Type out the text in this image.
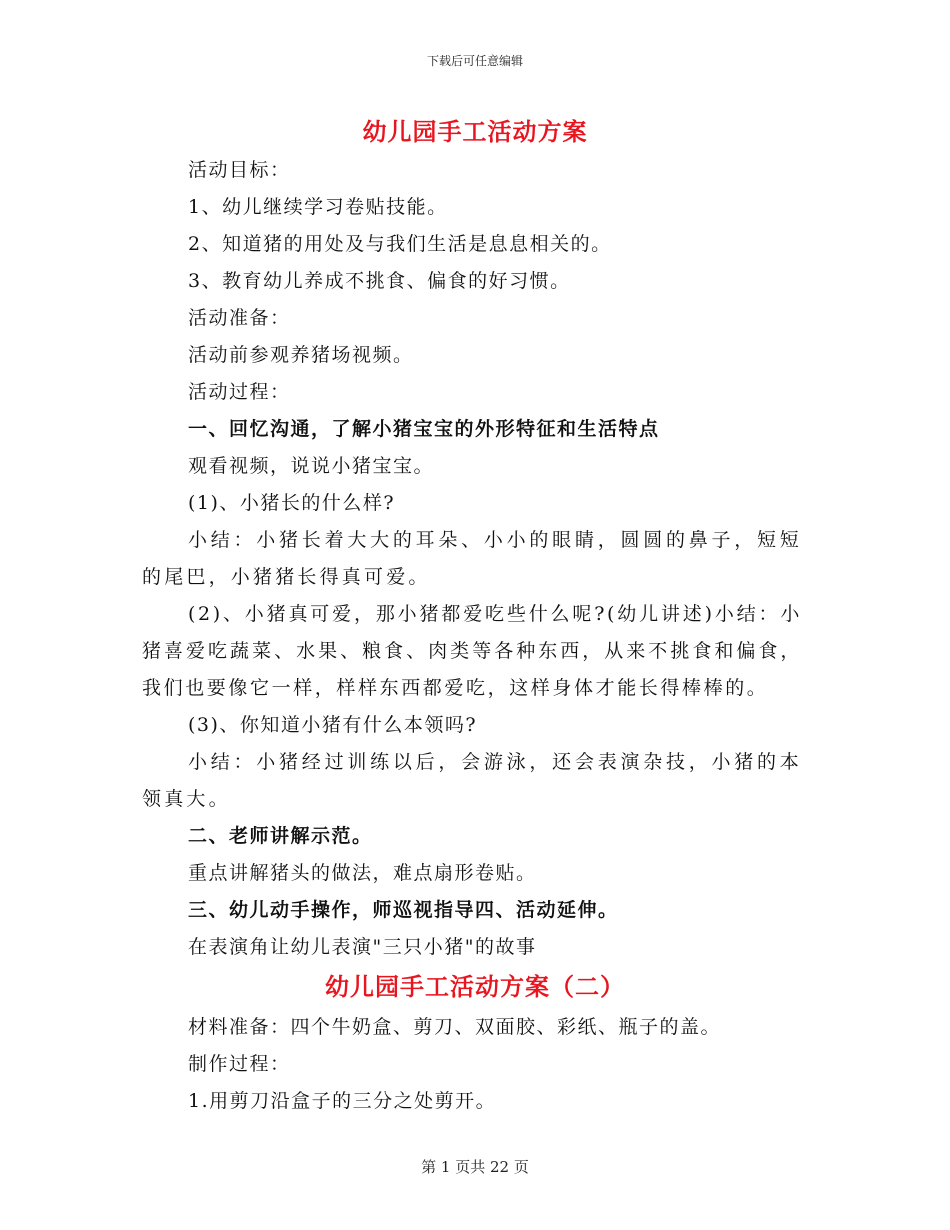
下载后可任意编辑
幼儿园手工活动方案
活动目标：
1、幼儿继续学习卷贴技能。
2、知道猪的用处及与我们生活是息息相关的。
3、教育幼儿养成不挑食、偏食的好习惯。
活动准备：
活动前参观养猪场视频。
活动过程：
一、回忆沟通，了解小猪宝宝的外形特征和生活特点
观看视频，说说小猪宝宝。
(1)、小猪长的什么样?
小结：小猪长着大大的耳朵、小小的眼睛，圆圆的鼻子，短短的尾巴，小猪猪长得真可爱。
(2)、小猪真可爱，那小猪都爱吃些什么呢?(幼儿讲述)小结：小猪喜爱吃蔬菜、水果、粮食、肉类等各种东西，从来不挑食和偏食，我们也要像它一样，样样东西都爱吃，这样身体才能长得棒棒的。
(3)、你知道小猪有什么本领吗?
小结：小猪经过训练以后，会游泳，还会表演杂技，小猪的本领真大。
二、老师讲解示范。
重点讲解猪头的做法，难点扇形卷贴。
三、幼儿动手操作，师巡视指导四、活动延伸。
在表演角让幼儿表演"三只小猪"的故事
幼儿园手工活动方案（二）
材料准备：四个牛奶盒、剪刀、双面胶、彩纸、瓶子的盖。
制作过程：
1.用剪刀沿盒子的三分之处剪开。
第 1 页共 22 页
